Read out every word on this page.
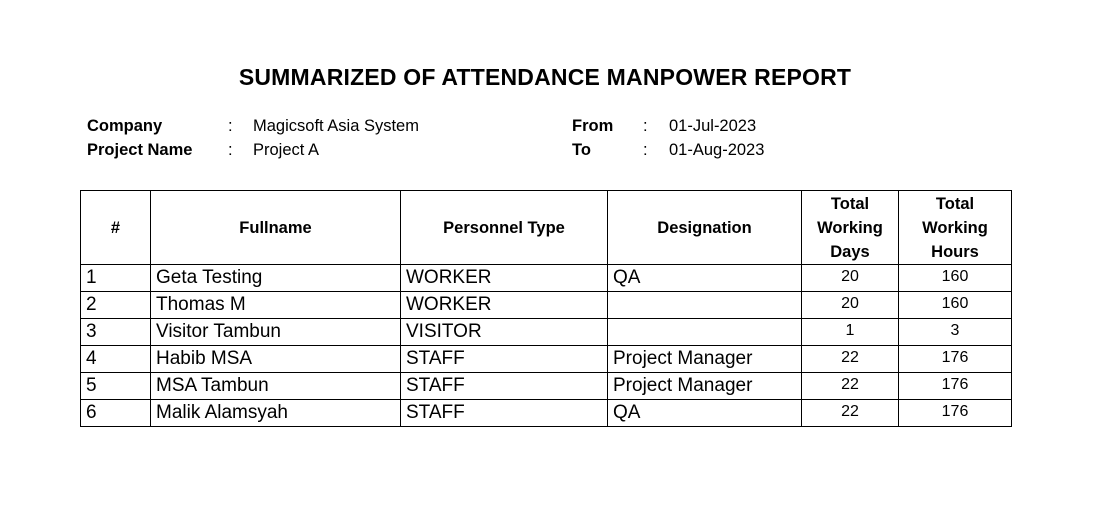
SUMMARIZED OF ATTENDANCE MANPOWER REPORT
Company	: Magicsoft Asia System
Project Name : Project A
From : 01-Jul-2023
To	: 01-Aug-2023
#	Fullname	Personnel Type	Designation	Total Working Days	Total Working Hours
1	Geta Testing	WORKER	QA	20	160
2	Thomas M	WORKER		20	160
3	Visitor Tambun	VISITOR		1	3
4	Habib MSA	STAFF	Project Manager	22	176
5	MSA Tambun	STAFF	Project Manager	22	176
6	Malik Alamsyah	STAFF	QA	22	176
